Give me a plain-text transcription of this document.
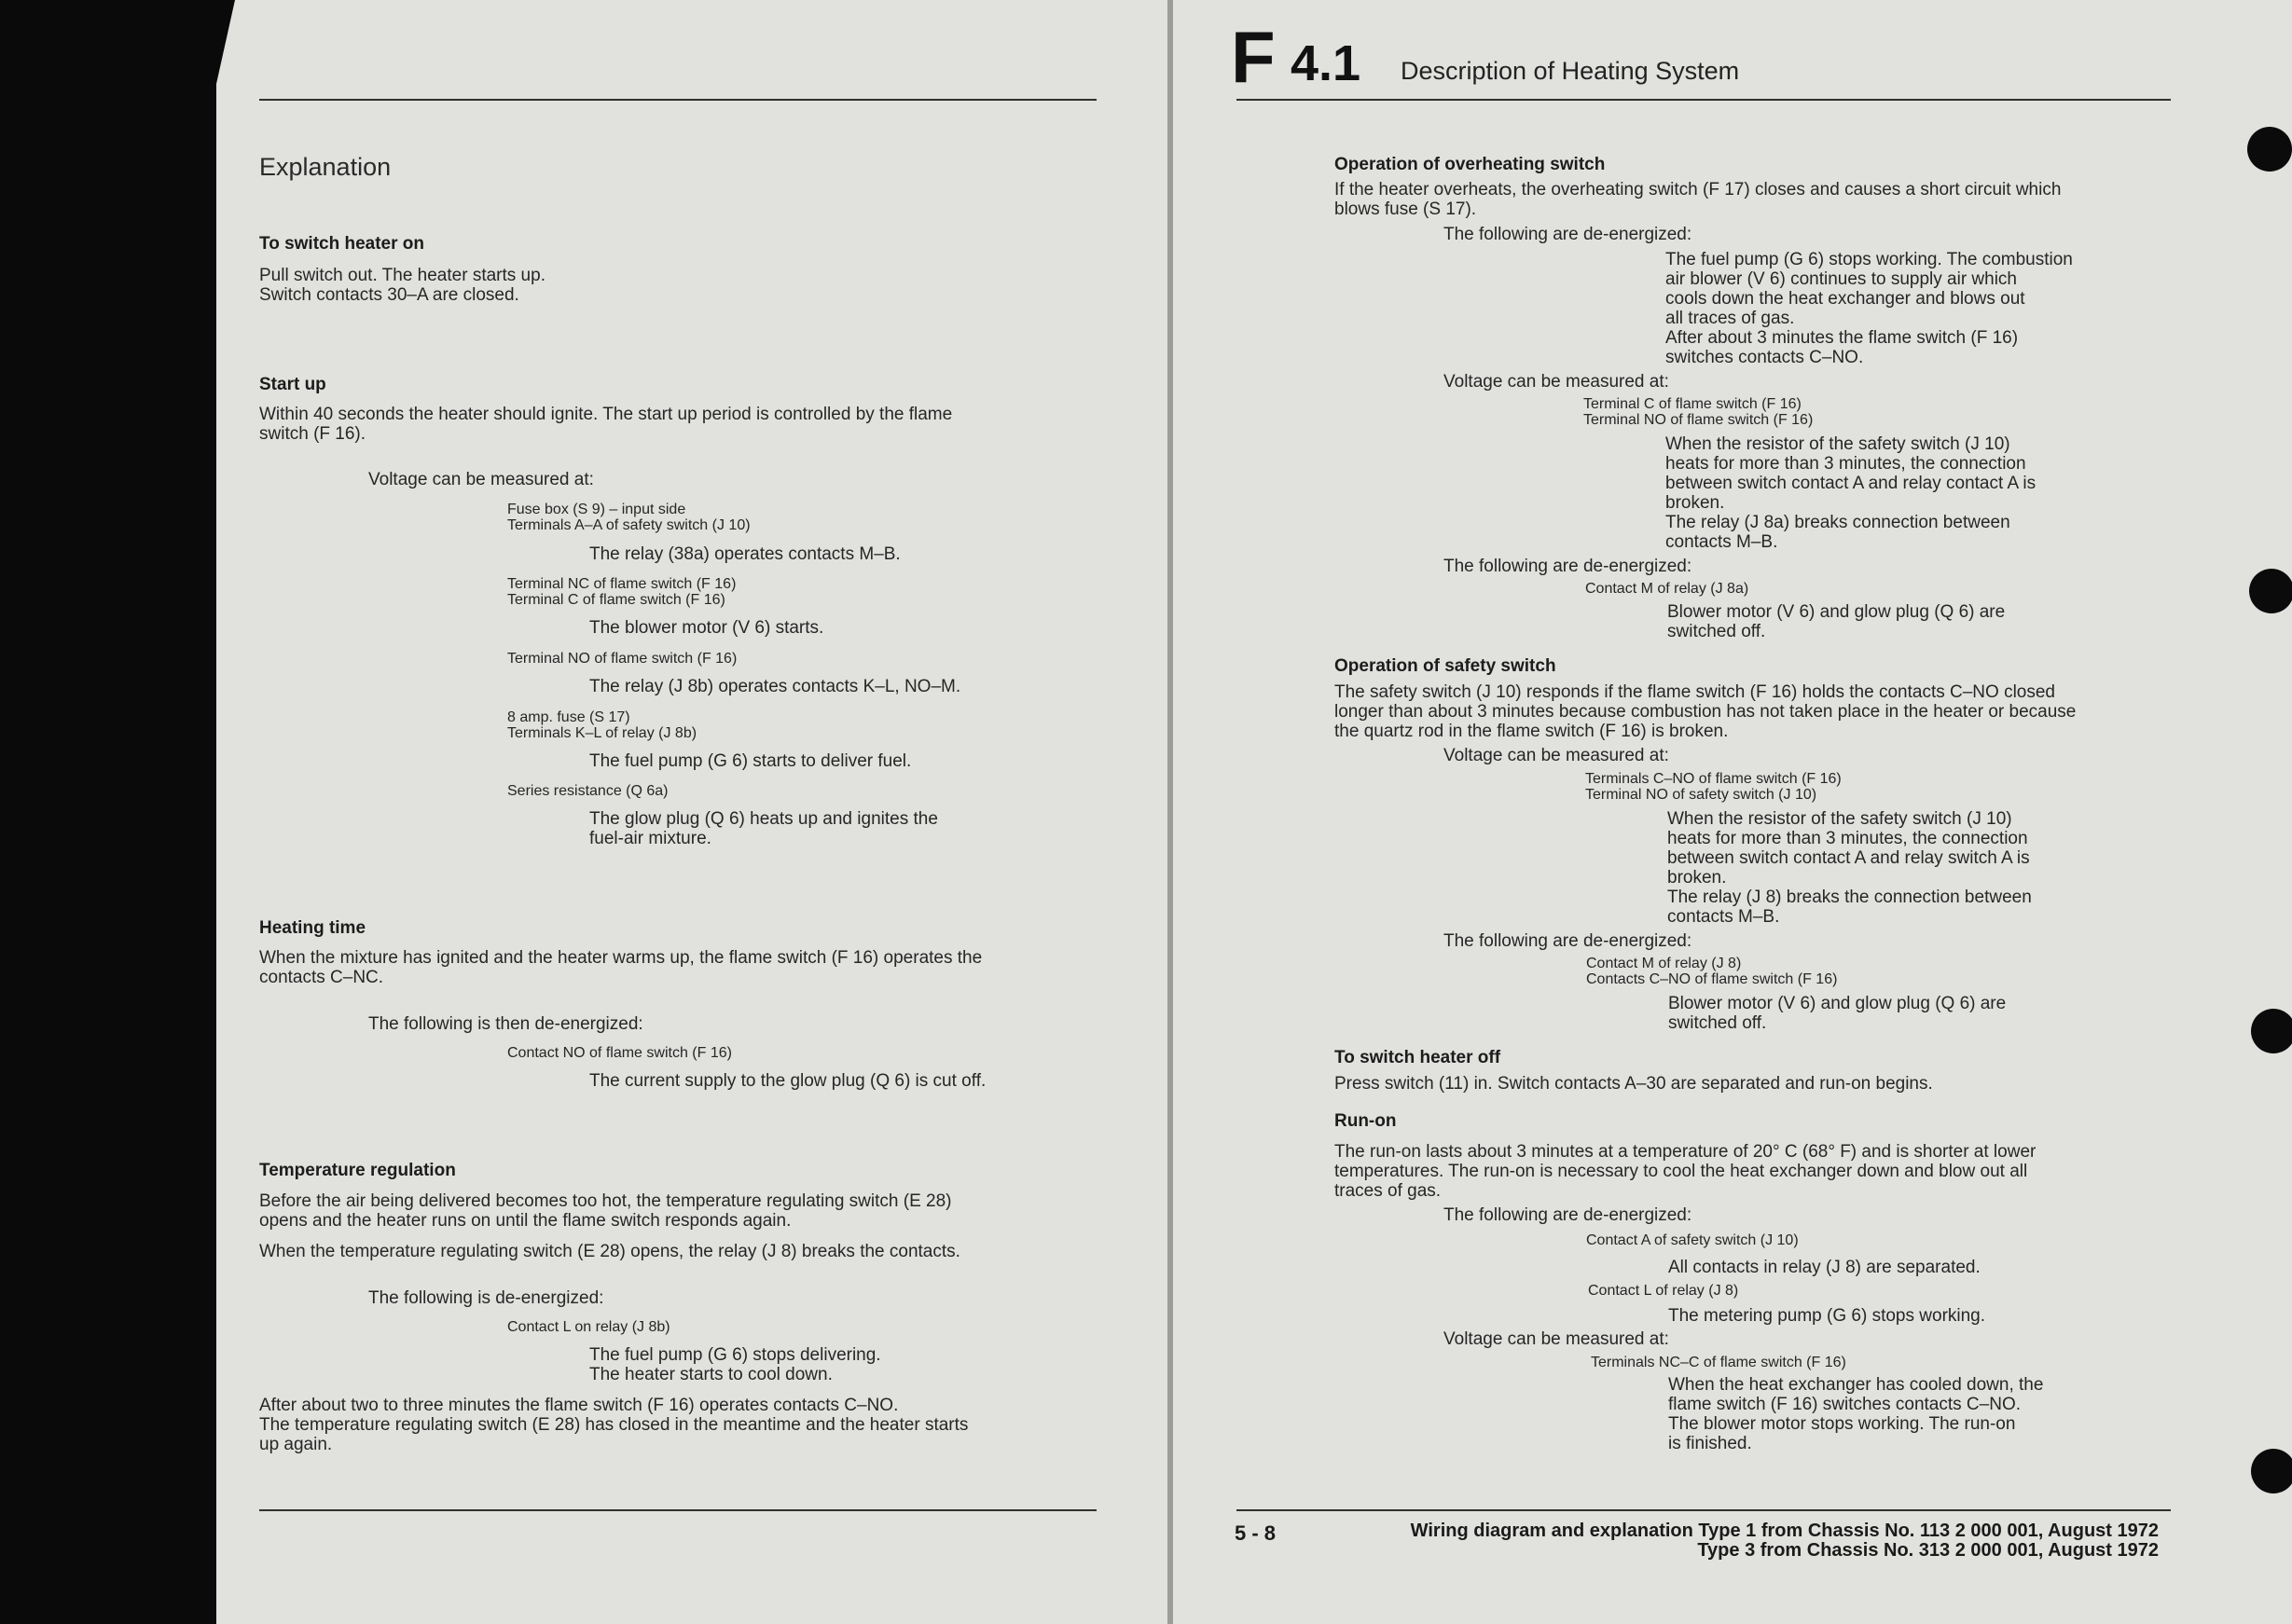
Explanation
To switch heater on
Pull switch out. The heater starts up.
Switch contacts 30–A are closed.
Start up
Within 40 seconds the heater should ignite. The start up period is controlled by the flame
switch (F 16).
Voltage can be measured at:
Fuse box (S 9) – input side
Terminals A–A of safety switch (J 10)
The relay (38a) operates contacts M–B.
Terminal NC of flame switch (F 16)
Terminal C of flame switch (F 16)
The blower motor (V 6) starts.
Terminal NO of flame switch (F 16)
The relay (J 8b) operates contacts K–L, NO–M.
8 amp. fuse (S 17)
Terminals K–L of relay (J 8b)
The fuel pump (G 6) starts to deliver fuel.
Series resistance (Q 6a)
The glow plug (Q 6) heats up and ignites the
fuel-air mixture.
Heating time
When the mixture has ignited and the heater warms up, the flame switch (F 16) operates the
contacts C–NC.
The following is then de-energized:
Contact NO of flame switch (F 16)
The current supply to the glow plug (Q 6) is cut off.
Temperature regulation
Before the air being delivered becomes too hot, the temperature regulating switch (E 28)
opens and the heater runs on until the flame switch responds again.
When the temperature regulating switch (E 28) opens, the relay (J 8) breaks the contacts.
The following is de-energized:
Contact L on relay (J 8b)
The fuel pump (G 6) stops delivering.
The heater starts to cool down.
After about two to three minutes the flame switch (F 16) operates contacts C–NO.
The temperature regulating switch (E 28) has closed in the meantime and the heater starts
up again.
F 4.1 Description of Heating System
Operation of overheating switch
If the heater overheats, the overheating switch (F 17) closes and causes a short circuit which
blows fuse (S 17).
The following are de-energized:
The fuel pump (G 6) stops working. The combustion
air blower (V 6) continues to supply air which
cools down the heat exchanger and blows out
all traces of gas.
After about 3 minutes the flame switch (F 16)
switches contacts C–NO.
Voltage can be measured at:
Terminal C of flame switch (F 16)
Terminal NO of flame switch (F 16)
When the resistor of the safety switch (J 10)
heats for more than 3 minutes, the connection
between switch contact A and relay contact A is
broken.
The relay (J 8a) breaks connection between
contacts M–B.
The following are de-energized:
Contact M of relay (J 8a)
Blower motor (V 6) and glow plug (Q 6) are
switched off.
Operation of safety switch
The safety switch (J 10) responds if the flame switch (F 16) holds the contacts C–NO closed
longer than about 3 minutes because combustion has not taken place in the heater or because
the quartz rod in the flame switch (F 16) is broken.
Voltage can be measured at:
Terminals C–NO of flame switch (F 16)
Terminal NO of safety switch (J 10)
When the resistor of the safety switch (J 10)
heats for more than 3 minutes, the connection
between switch contact A and relay switch A is
broken.
The relay (J 8) breaks the connection between
contacts M–B.
The following are de-energized:
Contact M of relay (J 8)
Contacts C–NO of flame switch (F 16)
Blower motor (V 6) and glow plug (Q 6) are
switched off.
To switch heater off
Press switch (11) in. Switch contacts A–30 are separated and run-on begins.
Run-on
The run-on lasts about 3 minutes at a temperature of 20° C (68° F) and is shorter at lower
temperatures. The run-on is necessary to cool the heat exchanger down and blow out all
traces of gas.
The following are de-energized:
Contact A of safety switch (J 10)
All contacts in relay (J 8) are separated.
Contact L of relay (J 8)
The metering pump (G 6) stops working.
Voltage can be measured at:
Terminals NC–C of flame switch (F 16)
When the heat exchanger has cooled down, the
flame switch (F 16) switches contacts C–NO.
The blower motor stops working. The run-on
is finished.
5 - 8	Wiring diagram and explanation Type 1 from Chassis No. 113 2 000 001, August 1972
Type 3 from Chassis No. 313 2 000 001, August 1972
